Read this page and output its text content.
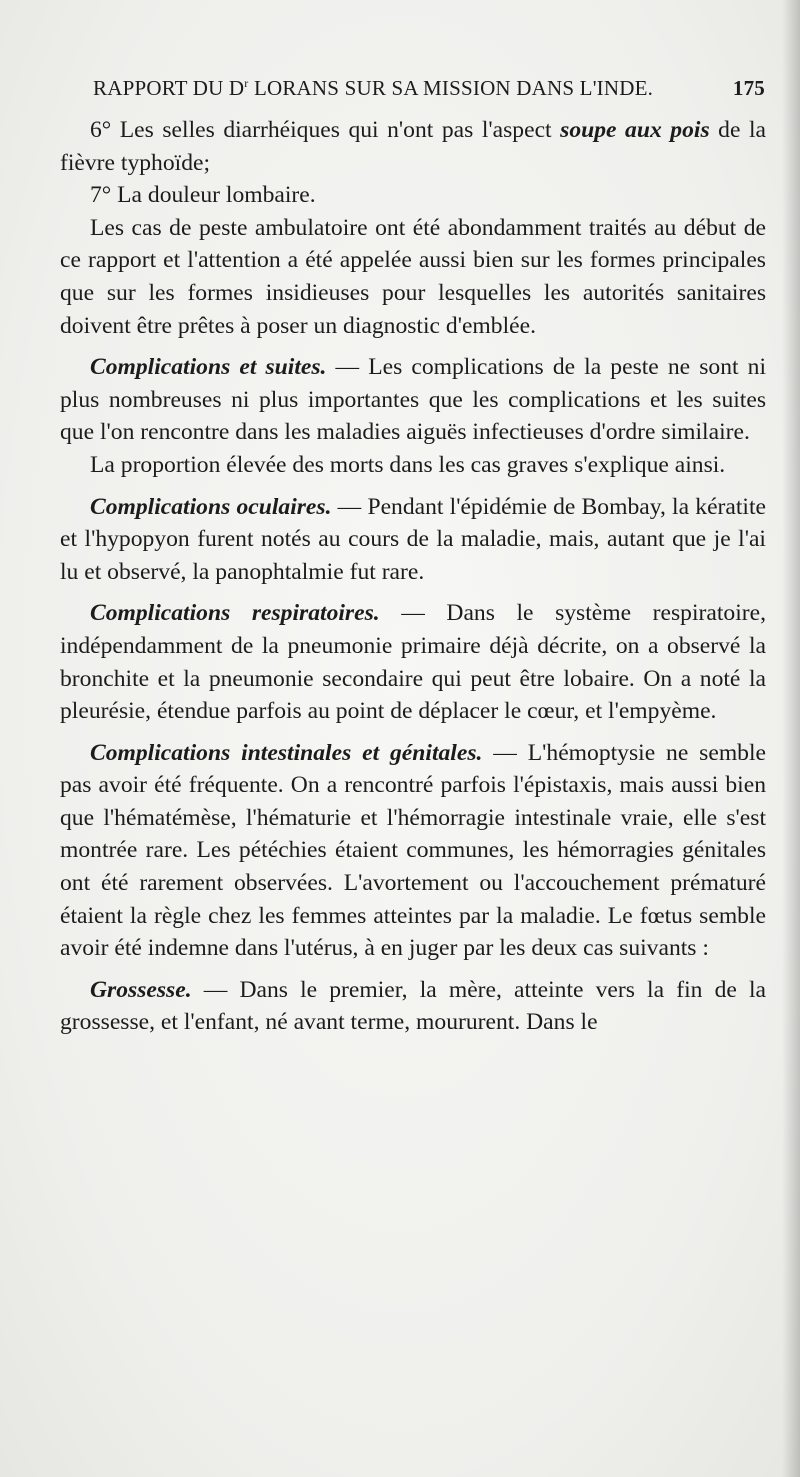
RAPPORT DU $D^r$ LORANS SUR SA MISSION DANS L'INDE.	175

6° Les selles diarrhéiques qui n'ont pas l'aspect soupe aux pois de la fièvre typhoïde;

7° La douleur lombaire.

Les cas de peste ambulatoire ont été abondamment traités au début de ce rapport et l'attention a été appelée aussi bien sur les formes principales que sur les formes insidieuses pour lesquelles les autorités sanitaires doivent être prêtes à poser un diagnostic d'emblée.

Complications et suites. — Les complications de la peste ne sont ni plus nombreuses ni plus importantes que les complications et les suites que l'on rencontre dans les maladies aiguës infectieuses d'ordre similaire.

La proportion élevée des morts dans les cas graves s'explique ainsi.

Complications oculaires. — Pendant l'épidémie de Bombay, la kératite et l'hypopyon furent notés au cours de la maladie, mais, autant que je l'ai lu et observé, la panophtalmie fut rare.

Complications respiratoires. — Dans le système respiratoire, indépendamment de la pneumonie primaire déjà décrite, on a observé la bronchite et la pneumonie secondaire qui peut être lobaire. On a noté la pleurésie, étendue parfois au point de déplacer le cœur, et l'empyème.

Complications intestinales et génitales. — L'hémoptysie ne semble pas avoir été fréquente. On a rencontré parfois l'épistaxis, mais aussi bien que l'hématémèse, l'hématurie et l'hémorragie intestinale vraie, elle s'est montrée rare. Les pétéchies étaient communes, les hémorragies génitales ont été rarement observées. L'avortement ou l'accouchement prématuré étaient la règle chez les femmes atteintes par la maladie. Le fœtus semble avoir été indemne dans l'utérus, à en juger par les deux cas suivants :

Grossesse. — Dans le premier, la mère, atteinte vers la fin de la grossesse, et l'enfant, né avant terme, moururent. Dans le
